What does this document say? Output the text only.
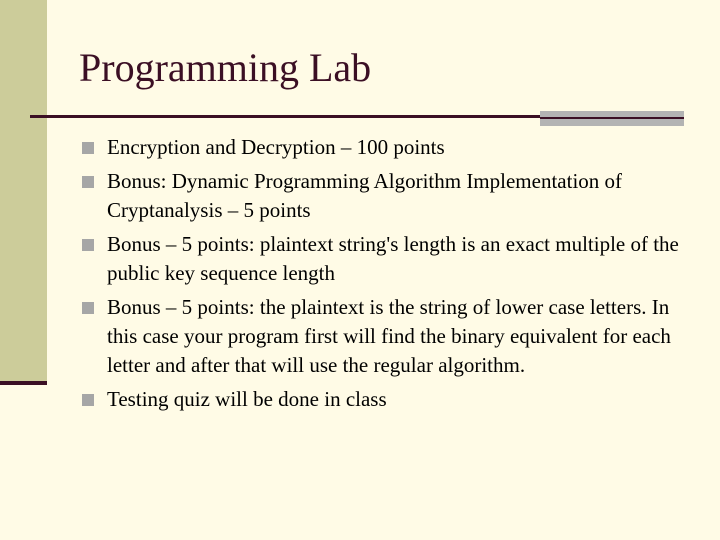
Programming Lab
Encryption and Decryption – 100 points
Bonus: Dynamic Programming Algorithm Implementation of Cryptanalysis – 5 points
Bonus – 5 points: plaintext string's length is an exact multiple of the public key sequence length
Bonus – 5 points: the plaintext is the string of lower case letters. In this case your program first will find the binary equivalent for each letter and after that will use the regular algorithm.
Testing quiz will be done in class
